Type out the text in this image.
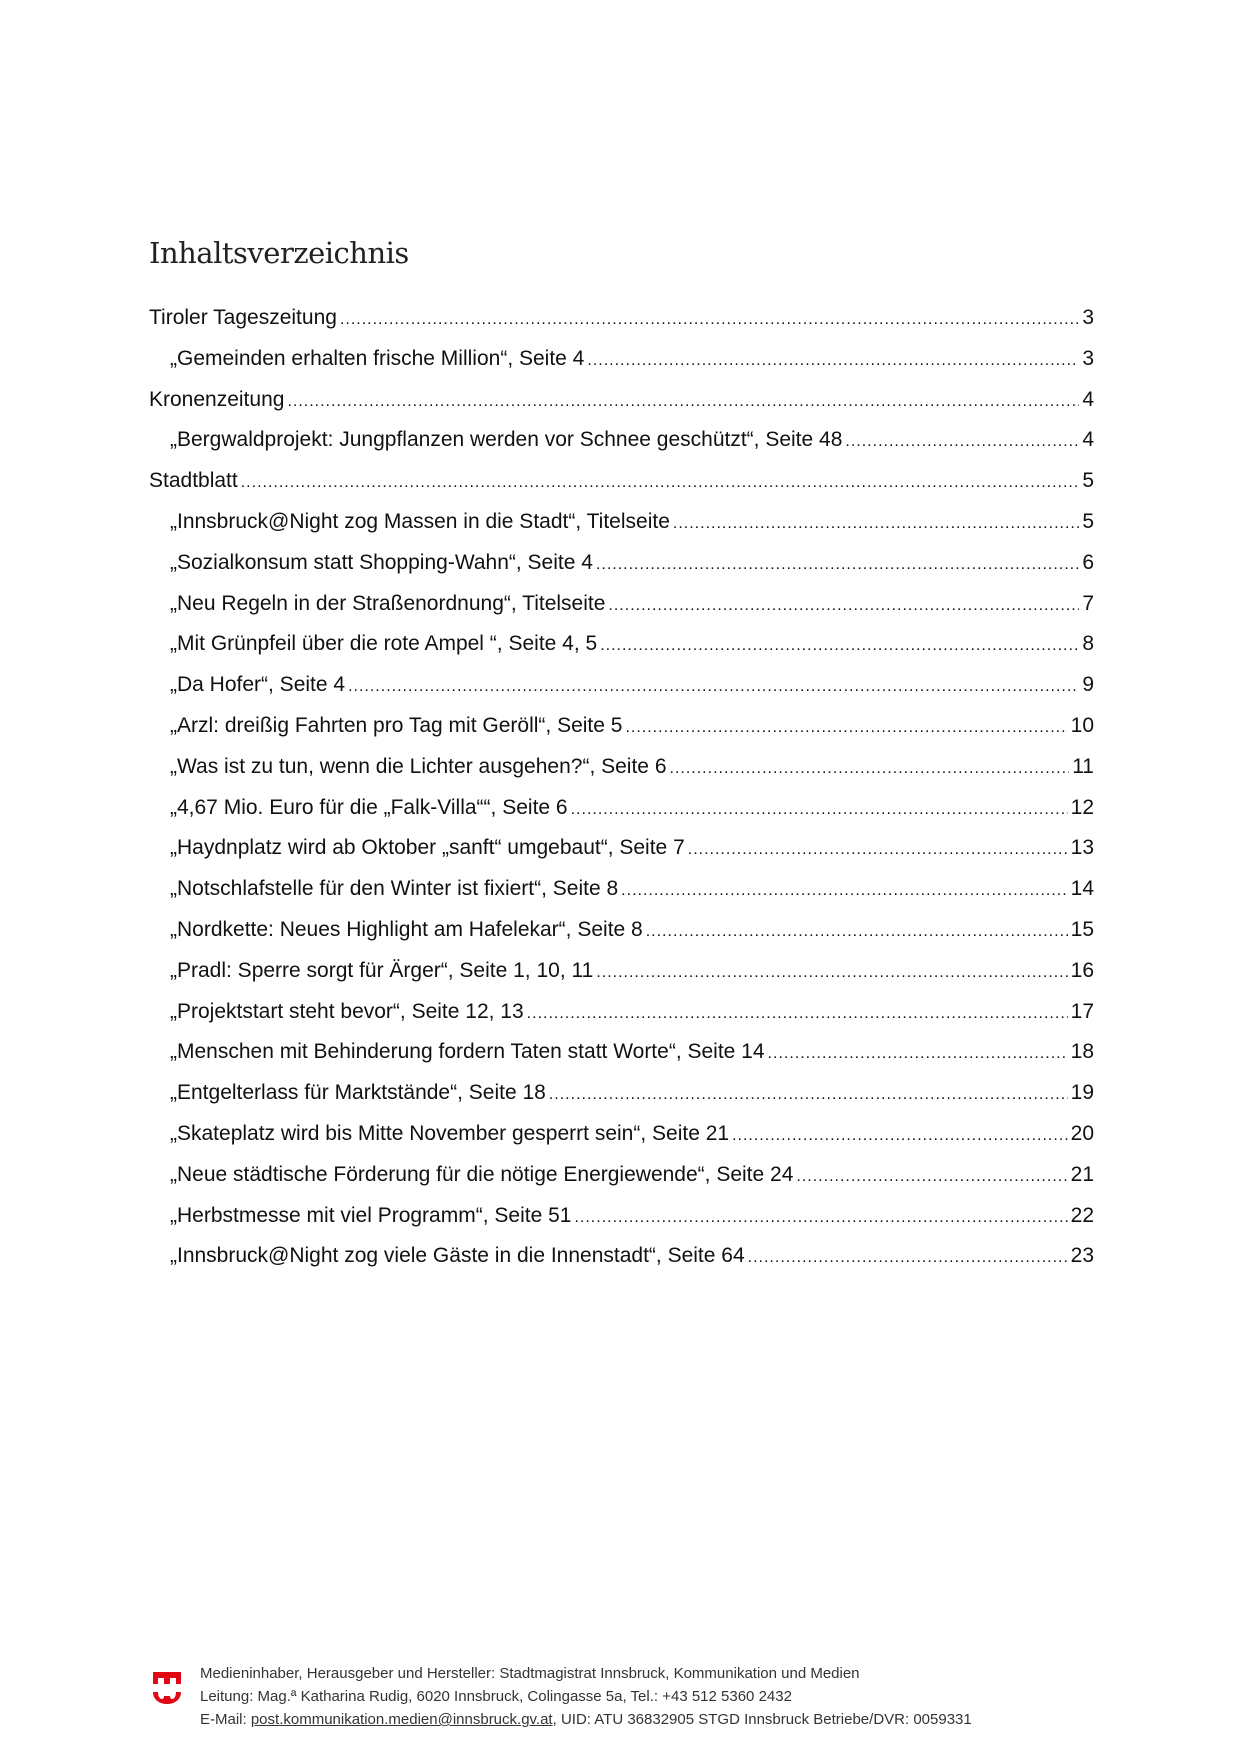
Inhaltsverzeichnis
Tiroler Tageszeitung .....	3
„Gemeinden erhalten frische Million“, Seite 4 .....	3
Kronenzeitung .....	4
„Bergwaldprojekt: Jungpflanzen werden vor Schnee geschützt“, Seite 48 .....	4
Stadtblatt .....	5
„Innsbruck@Night zog Massen in die Stadt“, Titelseite .....	5
„Sozialkonsum statt Shopping-Wahn“, Seite 4 .....	6
„Neu Regeln in der Straßenordnung“, Titelseite .....	7
„Mit Grünpfeil über die rote Ampel “, Seite 4, 5 .....	8
„Da Hofer“, Seite 4 .....	9
„Arzl: dreißig Fahrten pro Tag mit Geröll“, Seite 5 .....	10
„Was ist zu tun, wenn die Lichter ausgehen?“, Seite 6 .....	11
„4,67 Mio. Euro für die „Falk-Villa““, Seite 6 .....	12
„Haydnplatz wird ab Oktober „sanft“ umgebaut“, Seite 7 .....	13
„Notschlafstelle für den Winter ist fixiert“, Seite 8 .....	14
„Nordkette: Neues Highlight am Hafelekar“, Seite 8 .....	15
„Pradl: Sperre sorgt für Ärger“, Seite 1, 10, 11 .....	16
„Projektstart steht bevor“, Seite 12, 13 .....	17
„Menschen mit Behinderung fordern Taten statt Worte“, Seite 14 .....	18
„Entgelterlass für Marktstände“, Seite 18 .....	19
„Skateplatz wird bis Mitte November gesperrt sein“, Seite 21 .....	20
„Neue städtische Förderung für die nötige Energiewende“, Seite 24 .....	21
„Herbstmesse mit viel Programm“, Seite 51 .....	22
„Innsbruck@Night zog viele Gäste in die Innenstadt“, Seite 64 .....	23
Medieninhaber, Herausgeber und Hersteller: Stadtmagistrat Innsbruck, Kommunikation und Medien
Leitung: Mag.ª Katharina Rudig, 6020 Innsbruck, Colingasse 5a, Tel.: +43 512 5360 2432
E-Mail: post.kommunikation.medien@innsbruck.gv.at, UID: ATU 36832905 STGD Innsbruck Betriebe/DVR: 0059331
